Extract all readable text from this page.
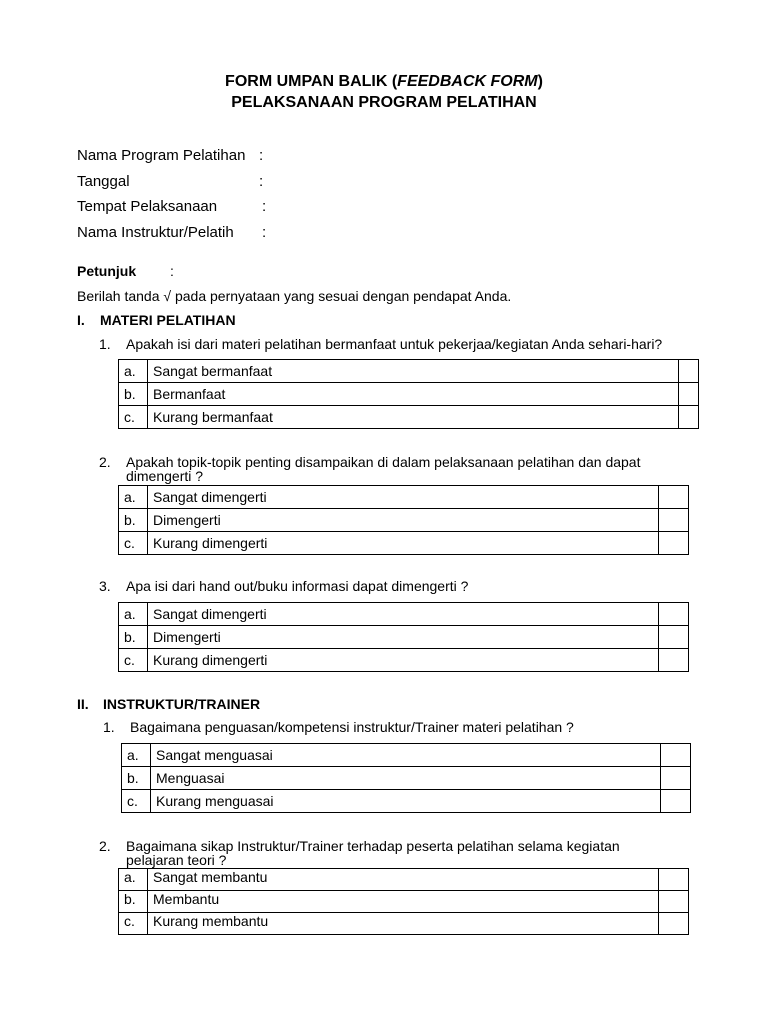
FORM UMPAN BALIK (FEEDBACK FORM)
PELAKSANAAN PROGRAM PELATIHAN
Nama Program Pelatihan :
Tanggal	:
Tempat Pelaksanaan	:
Nama Instruktur/Pelatih :
Petunjuk :
Berilah tanda √ pada pernyataan yang sesuai dengan pendapat Anda.
I. MATERI PELATIHAN
1. Apakah isi dari materi pelatihan bermanfaat untuk pekerjaa/kegiatan Anda sehari-hari?
a.	Sangat bermanfaat	
b.	Bermanfaat	
c.	Kurang bermanfaat	
2. Apakah topik-topik penting disampaikan di dalam pelaksanaan pelatihan dan dapat
dimengerti ?
a.	Sangat dimengerti	
b.	Dimengerti	
c.	Kurang dimengerti	
3. Apa isi dari hand out/buku informasi dapat dimengerti ?
a.	Sangat dimengerti	
b.	Dimengerti	
c.	Kurang dimengerti	
II. INSTRUKTUR/TRAINER
1. Bagaimana penguasan/kompetensi instruktur/Trainer materi pelatihan ?
a.	Sangat menguasai	
b.	Menguasai	
c.	Kurang menguasai	
2. Bagaimana sikap Instruktur/Trainer terhadap peserta pelatihan selama kegiatan
pelajaran teori ?
a.	Sangat membantu	
b.	Membantu	
c.	Kurang membantu	
